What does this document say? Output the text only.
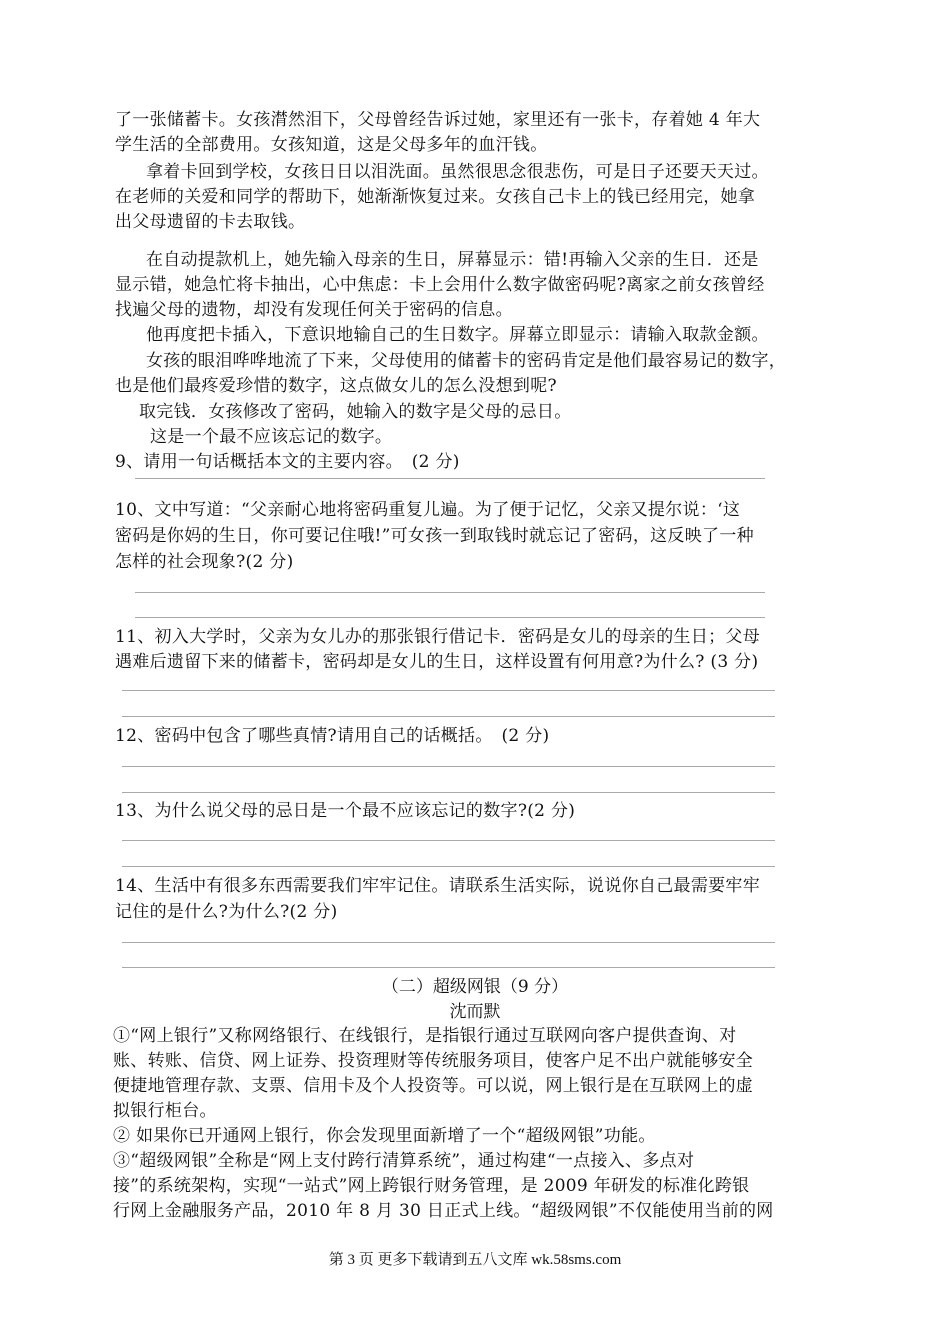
了一张储蓄卡。女孩潸然泪下，父母曾经告诉过她，家里还有一张卡，存着她 4 年大
学生活的全部费用。女孩知道，这是父母多年的血汗钱。
拿着卡回到学校，女孩日日以泪洗面。虽然很思念很悲伤，可是日子还要天天过。
在老师的关爱和同学的帮助下，她渐渐恢复过来。女孩自己卡上的钱已经用完，她拿
出父母遗留的卡去取钱。
在自动提款机上，她先输入母亲的生日，屏幕显示：错!再输入父亲的生日．还是
显示错，她急忙将卡抽出，心中焦虑：卡上会用什么数字做密码呢?离家之前女孩曾经
找遍父母的遗物，却没有发现任何关于密码的信息。
他再度把卡插入，下意识地输自己的生日数字。屏幕立即显示：请输入取款金额。
女孩的眼泪哗哗地流了下来，父母使用的储蓄卡的密码肯定是他们最容易记的数字，
也是他们最疼爱珍惜的数字，这点做女儿的怎么没想到呢?
取完钱．女孩修改了密码，她输入的数字是父母的忌日。
这是一个最不应该忘记的数字。
9、请用一句话概括本文的主要内容。　(2 分)
10、文中写道：“父亲耐心地将密码重复儿遍。为了便于记忆，父亲又提尔说：‘这
密码是你妈的生日，你可要记住哦!”可女孩一到取钱时就忘记了密码，这反映了一种
怎样的社会现象?(2 分)
11、初入大学时，父亲为女儿办的那张银行借记卡．密码是女儿的母亲的生日；父母
遇难后遗留下来的储蓄卡，密码却是女儿的生日，这样设置有何用意?为什么? (3 分)
12、密码中包含了哪些真情?请用自己的话概括。　(2 分)
13、为什么说父母的忌日是一个最不应该忘记的数字?(2 分)
14、生活中有很多东西需要我们牢牢记住。请联系生活实际，说说你自己最需要牢牢
记住的是什么?为什么?(2 分)
（二）超级网银（9 分）
沈而默
①“网上银行”又称网络银行、在线银行，是指银行通过互联网向客户提供查询、对
账、转账、信贷、网上证券、投资理财等传统服务项目，使客户足不出户就能够安全
便捷地管理存款、支票、信用卡及个人投资等。可以说，网上银行是在互联网上的虚
拟银行柜台。
② 如果你已开通网上银行，你会发现里面新增了一个“超级网银”功能。
③“超级网银”全称是“网上支付跨行清算系统”，通过构建“一点接入、多点对
接”的系统架构，实现“一站式”网上跨银行财务管理，是 2009 年研发的标准化跨银
行网上金融服务产品，2010 年 8 月 30 日正式上线。“超级网银”不仅能使用当前的网
第 3 页 更多下载请到五八文库 wk.58sms.com
